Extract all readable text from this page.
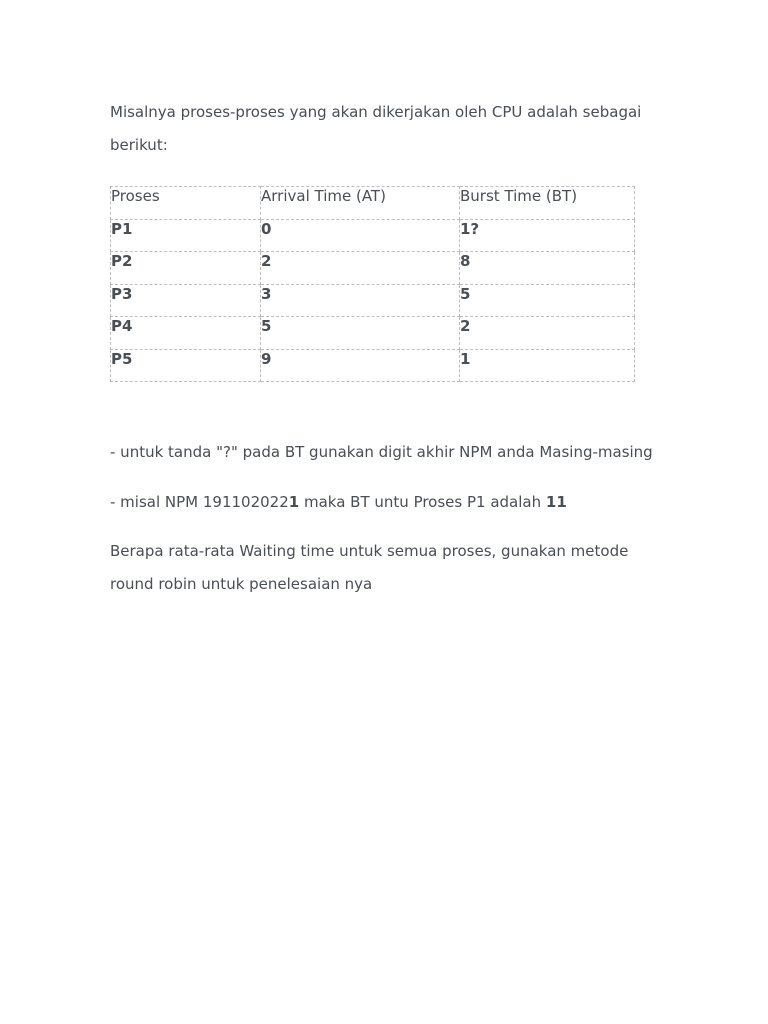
Misalnya proses-proses yang akan dikerjakan oleh CPU adalah sebagai berikut:

Proses	Arrival Time (AT)	Burst Time (BT)
P1	0	1?
P2	2	8
P3	3	5
P4	5	2
P5	9	1

- untuk tanda "?" pada BT gunakan digit akhir NPM anda Masing-masing

- misal NPM 1911020221 maka BT untu Proses P1 adalah 11

Berapa rata-rata Waiting time untuk semua proses, gunakan metode round robin untuk penelesaian nya
